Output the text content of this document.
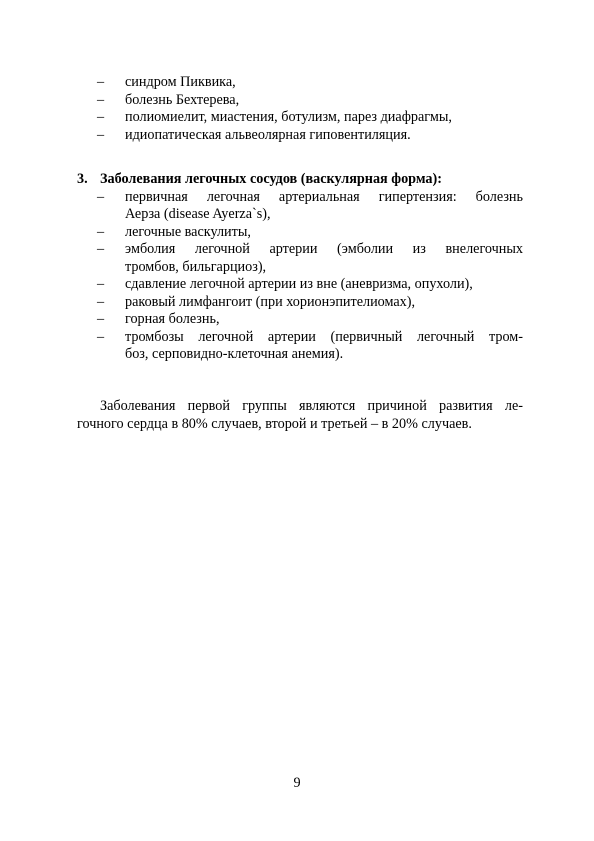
– синдром Пиквика,
– болезнь Бехтерева,
– полиомиелит, миастения, ботулизм, парез диафрагмы,
– идиопатическая альвеолярная гиповентиляция.
3. Заболевания легочных сосудов (васкулярная форма):
– первичная легочная артериальная гипертензия: болезнь
Аерза (disease Ayerza`s),
– легочные васкулиты,
– эмболия легочной артерии (эмболии из внелегочных
тромбов, бильгарциоз),
– сдавление легочной артерии из вне (аневризма, опухоли),
– раковый лимфангоит (при хорионэпителиомах),
– горная болезнь,
– тромбозы легочной артерии (первичный легочный тром-
боз, серповидно-клеточная анемия).
Заболевания первой группы являются причиной развития ле-
гочного сердца в 80% случаев, второй и третьей – в 20% случаев.
9
